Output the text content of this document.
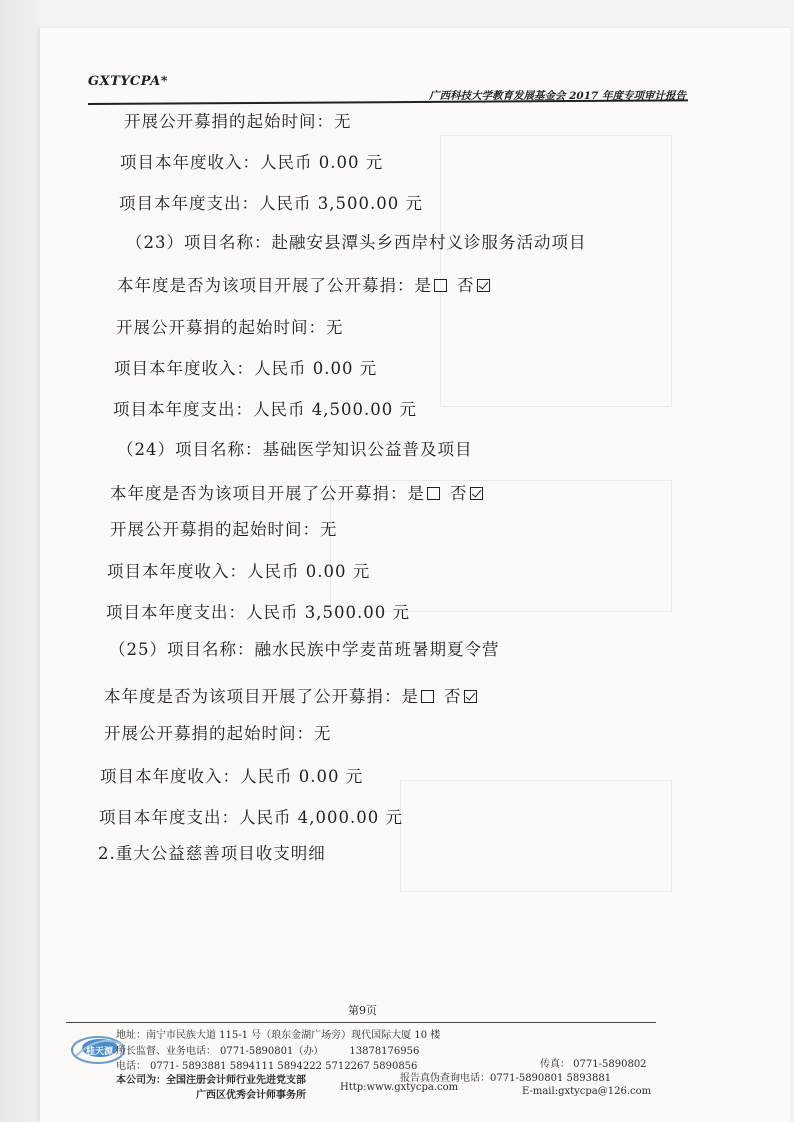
GXTYCPA*
广西科技大学教育发展基金会 2017 年度专项审计报告
开展公开募捐的起始时间：无
项目本年度收入：人民币 0.00 元
项目本年度支出：人民币 3,500.00 元
（23）项目名称：赴融安县潭头乡西岸村义诊服务活动项目
本年度是否为该项目开展了公开募捐：是 否
开展公开募捐的起始时间：无
项目本年度收入：人民币 0.00 元
项目本年度支出：人民币 4,500.00 元
（24）项目名称：基础医学知识公益普及项目
本年度是否为该项目开展了公开募捐：是 否
开展公开募捐的起始时间：无
项目本年度收入：人民币 0.00 元
项目本年度支出：人民币 3,500.00 元
（25）项目名称：融水民族中学麦苗班暑期夏令营
本年度是否为该项目开展了公开募捐：是 否
开展公开募捐的起始时间：无
项目本年度收入：人民币 0.00 元
项目本年度支出：人民币 4,000.00 元
2.重大公益慈善项目收支明细
第9页
桂天源
地址：南宁市民族大道 115-1 号（琅东金湖广场旁）现代国际大厦 10 楼
所长监督、业务电话： 0771-5890801（办）	13878176956
电话： 0771- 5893881 5894111 5894222 5712267 5890856	传真： 0771-5890802
本公司为：全国注册会计师行业先进党支部	报告真伪查询电话：0771-5890801 5893881
Http:www.gxtycpa.com	E-mail:gxtycpa@126.com
广西区优秀会计师事务所
